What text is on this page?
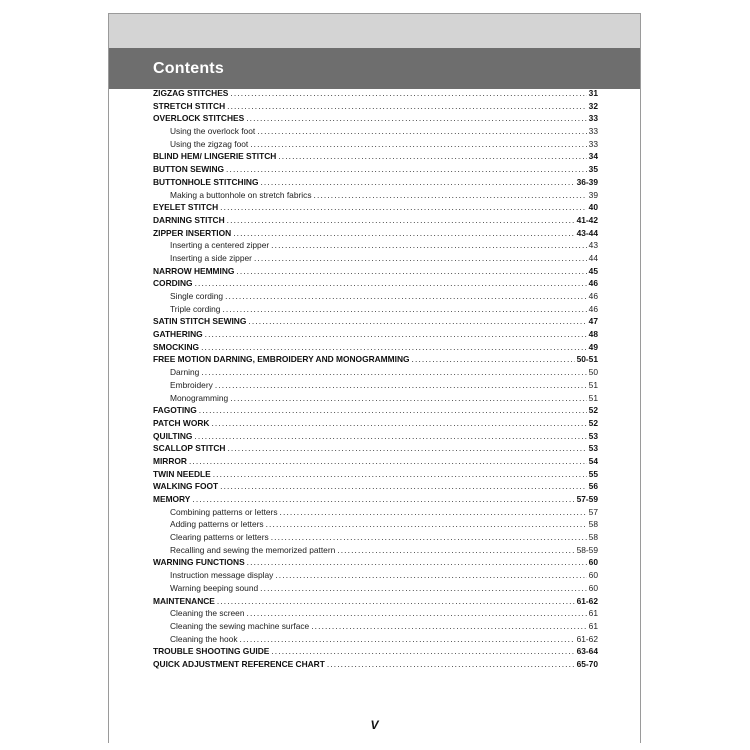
Contents
ZIGZAG STITCHES . . .	31
STRETCH STITCH . . .	32
OVERLOCK STITCHES . . .	33
Using the overlock foot . . .	33
Using the zigzag foot . . .	33
BLIND HEM/ LINGERIE STITCH . . .	34
BUTTON SEWING . . .	35
BUTTONHOLE STITCHING . . .	36-39
Making a buttonhole on stretch fabrics . . .	39
EYELET STITCH . . .	40
DARNING STITCH . . .	41-42
ZIPPER INSERTION . . .	43-44
Inserting a centered zipper . . .	43
Inserting a side zipper . . .	44
NARROW HEMMING . . .	45
CORDING . . .	46
Single cording . . .	46
Triple cording . . .	46
SATIN STITCH SEWING . . .	47
GATHERING . . .	48
SMOCKING . . .	49
FREE MOTION DARNING, EMBROIDERY AND MONOGRAMMING . . .	50-51
Darning . . .	50
Embroidery . . .	51
Monogramming . . .	51
FAGOTING . . .	52
PATCH WORK . . .	52
QUILTING . . .	53
SCALLOP STITCH . . .	53
MIRROR . . .	54
TWIN NEEDLE . . .	55
WALKING FOOT . . .	56
MEMORY . . .	57-59
Combining patterns or letters . . .	57
Adding patterns or letters . . .	58
Clearing patterns or letters . . .	58
Recalling and sewing the memorized pattern . . .	58-59
WARNING FUNCTIONS . . .	60
Instruction message display . . .	60
Warning beeping sound . . .	60
MAINTENANCE . . .	61-62
Cleaning the screen . . .	61
Cleaning the sewing machine surface . . .	61
Cleaning the hook . . .	61-62
TROUBLE SHOOTING GUIDE . . .	63-64
QUICK ADJUSTMENT REFERENCE CHART . . .	65-70
V
